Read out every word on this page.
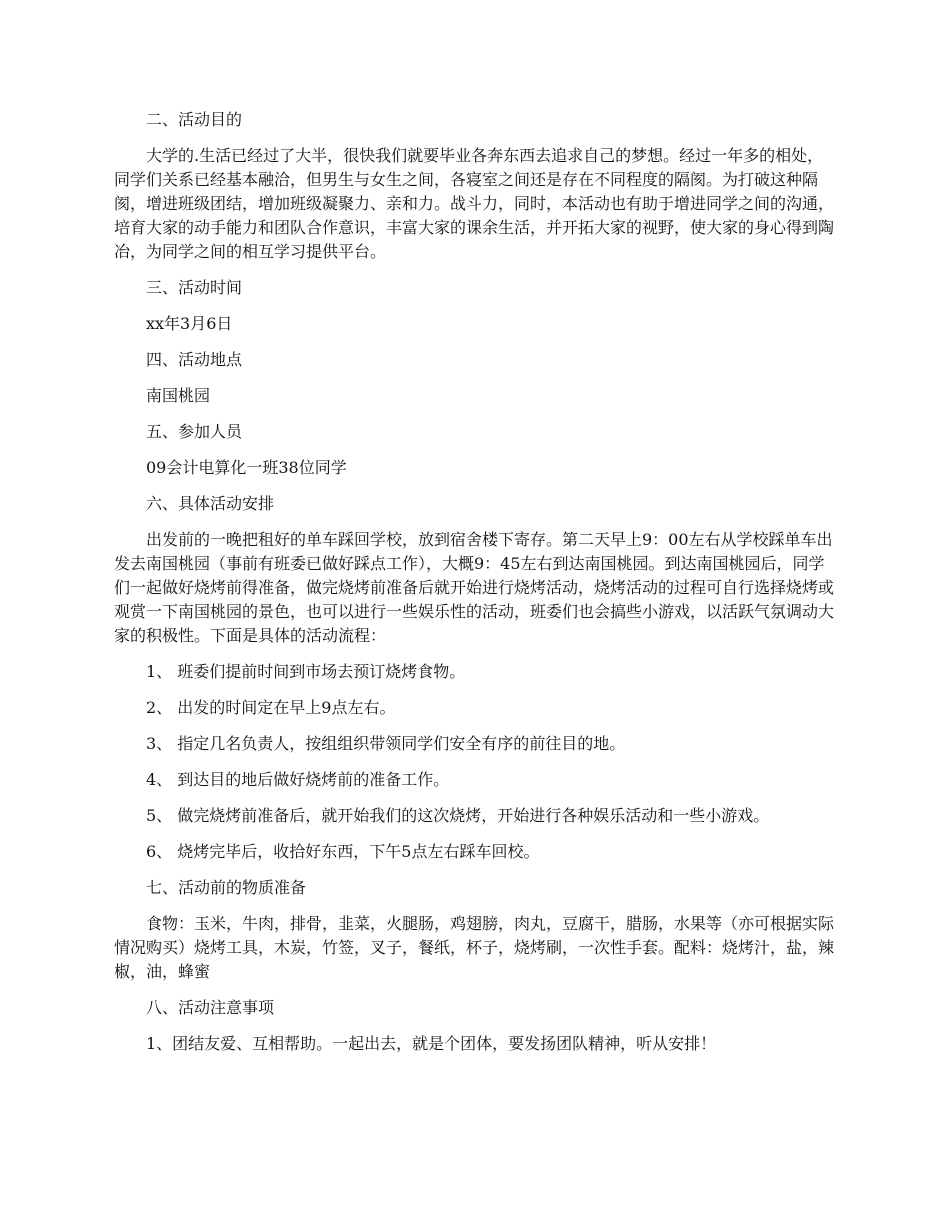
二、活动目的

大学的.生活已经过了大半，很快我们就要毕业各奔东西去追求自己的梦想。经过一年多的相处，同学们关系已经基本融洽，但男生与女生之间，各寝室之间还是存在不同程度的隔阂。为打破这种隔阂，增进班级团结，增加班级凝聚力、亲和力。战斗力，同时，本活动也有助于增进同学之间的沟通，培育大家的动手能力和团队合作意识，丰富大家的课余生活，并开拓大家的视野，使大家的身心得到陶冶，为同学之间的相互学习提供平台。

三、活动时间

xx年3月6日

四、活动地点

南国桃园

五、参加人员

09会计电算化一班38位同学

六、具体活动安排

出发前的一晚把租好的单车踩回学校，放到宿舍楼下寄存。第二天早上9：00左右从学校踩单车出发去南国桃园（事前有班委已做好踩点工作），大概9：45左右到达南国桃园。到达南国桃园后，同学们一起做好烧烤前得准备，做完烧烤前准备后就开始进行烧烤活动，烧烤活动的过程可自行选择烧烤或观赏一下南国桃园的景色，也可以进行一些娱乐性的活动，班委们也会搞些小游戏，以活跃气氛调动大家的积极性。下面是具体的活动流程：

1、 班委们提前时间到市场去预订烧烤食物。

2、 出发的时间定在早上9点左右。

3、 指定几名负责人，按组组织带领同学们安全有序的前往目的地。

4、 到达目的地后做好烧烤前的准备工作。

5、 做完烧烤前准备后，就开始我们的这次烧烤，开始进行各种娱乐活动和一些小游戏。

6、 烧烤完毕后，收拾好东西，下午5点左右踩车回校。

七、活动前的物质准备

食物：玉米，牛肉，排骨，韭菜，火腿肠，鸡翅膀，肉丸，豆腐干，腊肠，水果等（亦可根据实际情况购买）烧烤工具，木炭，竹签，叉子，餐纸，杯子，烧烤刷，一次性手套。配料：烧烤汁，盐，辣椒，油，蜂蜜

八、活动注意事项

1、团结友爱、互相帮助。一起出去，就是个团体，要发扬团队精神，听从安排！
